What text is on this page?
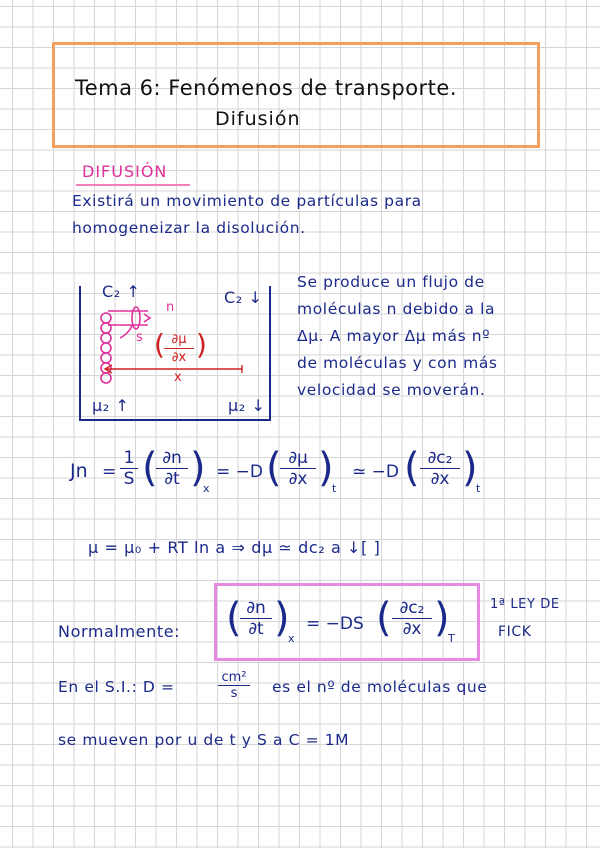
Tema 6: Fenómenos de transporte.
Difusión
DIFUSIÓN
Existirá un movimiento de partículas para
homogeneizar la disolución.
C₂ ↑	C₂ ↓
μ₂ ↑	μ₂ ↓
n
s ( ∂μ
∂x )
x
Se produce un flujo de
moléculas n debido a la
Δμ. A mayor Δμ más nº
de moléculas y con más
velocidad se moverán.
Jn =
1
S ( ∂n
∂t )
x
= −D ( ∂μ
∂x )
t
≃ −D ( ∂c₂
∂x )
t
μ = μ₀ + RT ln a ⇒ dμ ≃ dc₂ a ↓[ ]
Normalmente: ( ∂n
∂t )
x
= −DS ( ∂c₂
∂x )
T
1ª LEY DE
FICK
En el S.I.: D =
cm²
s	es el nº de moléculas que
se mueven por u de t y S a C = 1M
